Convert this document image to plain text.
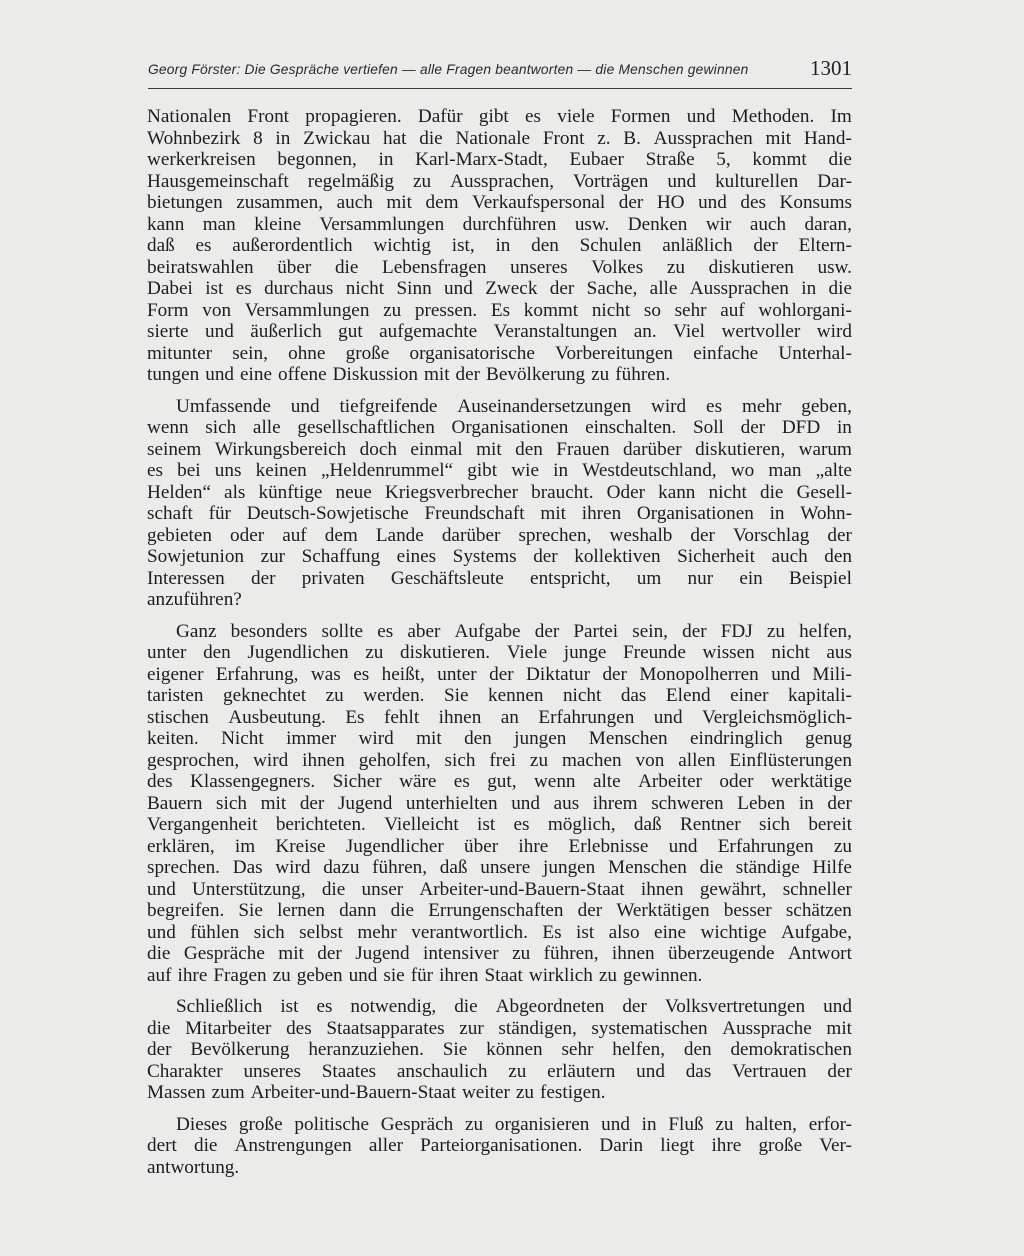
Georg Förster: Die Gespräche vertiefen — alle Fragen beantworten — die Menschen gewinnen	1301
Nationalen Front propagieren. Dafür gibt es viele Formen und Methoden. Im
Wohnbezirk 8 in Zwickau hat die Nationale Front z. B. Aussprachen mit Hand-
werkerkreisen begonnen, in Karl-Marx-Stadt, Eubaer Straße 5, kommt die
Hausgemeinschaft regelmäßig zu Aussprachen, Vorträgen und kulturellen Dar-
bietungen zusammen, auch mit dem Verkaufspersonal der HO und des Konsums
kann man kleine Versammlungen durchführen usw. Denken wir auch daran,
daß es außerordentlich wichtig ist, in den Schulen anläßlich der Eltern-
beiratswahlen über die Lebensfragen unseres Volkes zu diskutieren usw.
Dabei ist es durchaus nicht Sinn und Zweck der Sache, alle Aussprachen in die
Form von Versammlungen zu pressen. Es kommt nicht so sehr auf wohlorgani-
sierte und äußerlich gut aufgemachte Veranstaltungen an. Viel wertvoller wird
mitunter sein, ohne große organisatorische Vorbereitungen einfache Unterhal-
tungen und eine offene Diskussion mit der Bevölkerung zu führen.
Umfassende und tiefgreifende Auseinandersetzungen wird es mehr geben,
wenn sich alle gesellschaftlichen Organisationen einschalten. Soll der DFD in
seinem Wirkungsbereich doch einmal mit den Frauen darüber diskutieren, warum
es bei uns keinen „Heldenrummel“ gibt wie in Westdeutschland, wo man „alte
Helden“ als künftige neue Kriegsverbrecher braucht. Oder kann nicht die Gesell-
schaft für Deutsch-Sowjetische Freundschaft mit ihren Organisationen in Wohn-
gebieten oder auf dem Lande darüber sprechen, weshalb der Vorschlag der
Sowjetunion zur Schaffung eines Systems der kollektiven Sicherheit auch den
Interessen der privaten Geschäftsleute entspricht, um nur ein Beispiel
anzuführen?
Ganz besonders sollte es aber Aufgabe der Partei sein, der FDJ zu helfen,
unter den Jugendlichen zu diskutieren. Viele junge Freunde wissen nicht aus
eigener Erfahrung, was es heißt, unter der Diktatur der Monopolherren und Mili-
taristen geknechtet zu werden. Sie kennen nicht das Elend einer kapitali-
stischen Ausbeutung. Es fehlt ihnen an Erfahrungen und Vergleichsmöglich-
keiten. Nicht immer wird mit den jungen Menschen eindringlich genug
gesprochen, wird ihnen geholfen, sich frei zu machen von allen Einflüsterungen
des Klassengegners. Sicher wäre es gut, wenn alte Arbeiter oder werktätige
Bauern sich mit der Jugend unterhielten und aus ihrem schweren Leben in der
Vergangenheit berichteten. Vielleicht ist es möglich, daß Rentner sich bereit
erklären, im Kreise Jugendlicher über ihre Erlebnisse und Erfahrungen zu
sprechen. Das wird dazu führen, daß unsere jungen Menschen die ständige Hilfe
und Unterstützung, die unser Arbeiter-und-Bauern-Staat ihnen gewährt, schneller
begreifen. Sie lernen dann die Errungenschaften der Werktätigen besser schätzen
und fühlen sich selbst mehr verantwortlich. Es ist also eine wichtige Aufgabe,
die Gespräche mit der Jugend intensiver zu führen, ihnen überzeugende Antwort
auf ihre Fragen zu geben und sie für ihren Staat wirklich zu gewinnen.
Schließlich ist es notwendig, die Abgeordneten der Volksvertretungen und
die Mitarbeiter des Staatsapparates zur ständigen, systematischen Aussprache mit
der Bevölkerung heranzuziehen. Sie können sehr helfen, den demokratischen
Charakter unseres Staates anschaulich zu erläutern und das Vertrauen der
Massen zum Arbeiter-und-Bauern-Staat weiter zu festigen.
Dieses große politische Gespräch zu organisieren und in Fluß zu halten, erfor-
dert die Anstrengungen aller Parteiorganisationen. Darin liegt ihre große Ver-
antwortung.
